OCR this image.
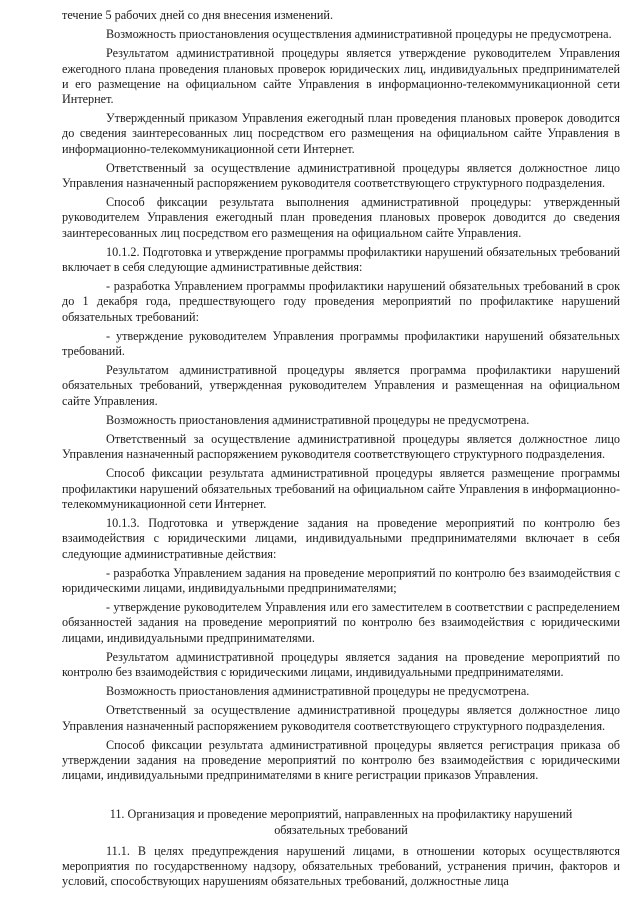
течение 5 рабочих дней со дня внесения изменений.

Возможность приостановления осуществления административной процедуры не предусмотрена.

Результатом административной процедуры является утверждение руководителем Управления ежегодного плана проведения плановых проверок юридических лиц, индивидуальных предпринимателей и его размещение на официальном сайте Управления в информационно-телекоммуникационной сети Интернет.

Утвержденный приказом Управления ежегодный план проведения плановых проверок доводится до сведения заинтересованных лиц посредством его размещения на официальном сайте Управления в информационно-телекоммуникационной сети Интернет.

Ответственный за осуществление административной процедуры является должностное лицо Управления назначенный распоряжением руководителя соответствующего структурного подразделения.

Способ фиксации результата выполнения административной процедуры: утвержденный руководителем Управления ежегодный план проведения плановых проверок доводится до сведения заинтересованных лиц посредством его размещения на официальном сайте Управления.

10.1.2. Подготовка и утверждение программы профилактики нарушений обязательных требований включает в себя следующие административные действия:

- разработка Управлением программы профилактики нарушений обязательных требований в срок до 1 декабря года, предшествующего году проведения мероприятий по профилактике нарушений обязательных требований:

- утверждение руководителем Управления программы профилактики нарушений обязательных требований.

Результатом административной процедуры является программа профилактики нарушений обязательных требований, утвержденная руководителем Управления и размещенная на официальном сайте Управления.

Возможность приостановления административной процедуры не предусмотрена.

Ответственный за осуществление административной процедуры является должностное лицо Управления назначенный распоряжением руководителя соответствующего структурного подразделения.

Способ фиксации результата административной процедуры является размещение программы профилактики нарушений обязательных требований на официальном сайте Управления в информационно-телекоммуникационной сети Интернет.

10.1.3. Подготовка и утверждение задания на проведение мероприятий по контролю без взаимодействия с юридическими лицами, индивидуальными предпринимателями включает в себя следующие административные действия:

- разработка Управлением задания на проведение мероприятий по контролю без взаимодействия с юридическими лицами, индивидуальными предпринимателями;

- утверждение руководителем Управления или его заместителем в соответствии с распределением обязанностей задания на проведение мероприятий по контролю без взаимодействия с юридическими лицами, индивидуальными предпринимателями.

Результатом административной процедуры является задания на проведение мероприятий по контролю без взаимодействия с юридическими лицами, индивидуальными предпринимателями.

Возможность приостановления административной процедуры не предусмотрена.

Ответственный за осуществление административной процедуры является должностное лицо Управления назначенный распоряжением руководителя соответствующего структурного подразделения.

Способ фиксации результата административной процедуры является регистрация приказа об утверждении задания на проведение мероприятий по контролю без взаимодействия с юридическими лицами, индивидуальными предпринимателями в книге регистрации приказов Управления.

11. Организация и проведение мероприятий, направленных на профилактику нарушений
обязательных требований

11.1. В целях предупреждения нарушений лицами, в отношении которых осуществляются мероприятия по государственному надзору, обязательных требований, устранения причин, факторов и условий, способствующих нарушениям обязательных требований, должностные лица
